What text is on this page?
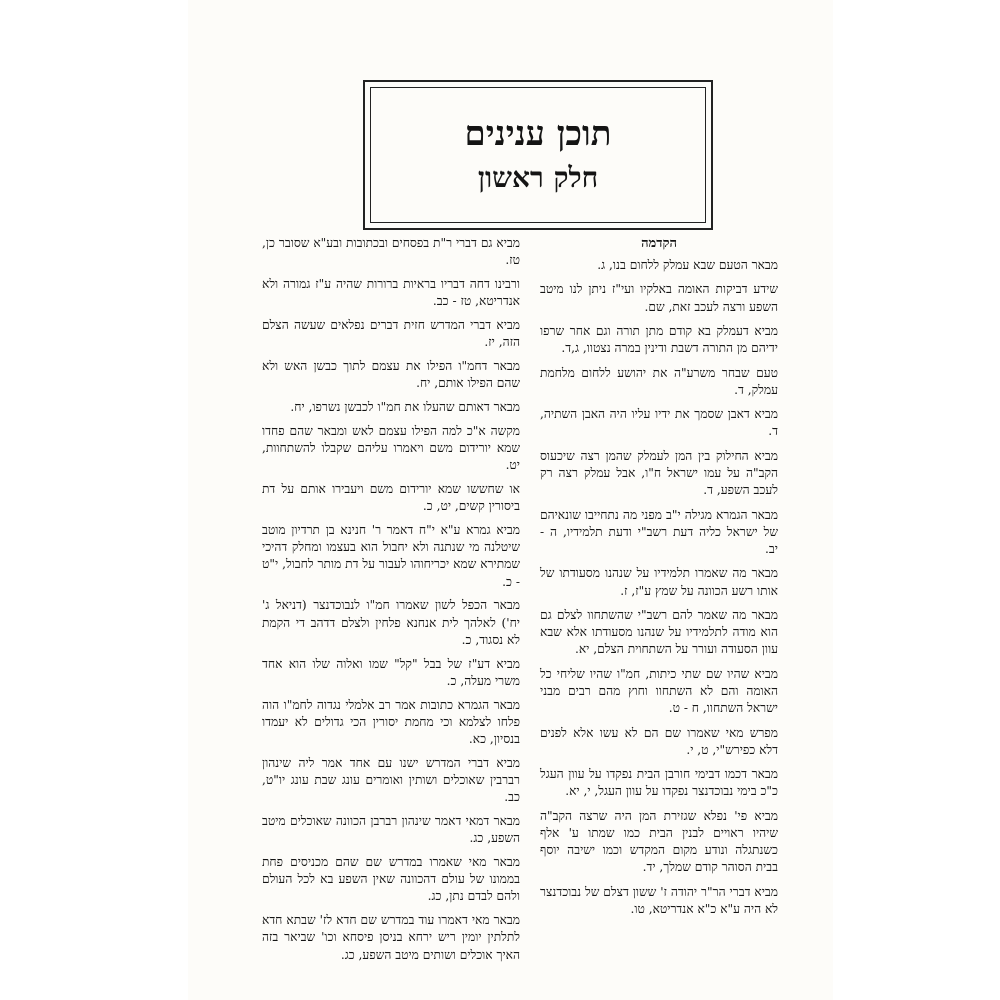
תוכן ענינים
חלק ראשון
הקדמה

מבאר הטעם שבא עמלק ללחום בנו, ג.

שידע דביקות האומה באלקיו ועי"ז ניתן לנו מיטב השפע ורצה לעכב זאת, שם.

מביא דעמלק בא קודם מתן תורה וגם אחר שרפו ידיהם מן התורה דשבת ודינין במרה נצטוו, ג,ד.

טעם שבחר משרע"ה את יהושע ללחום מלחמת עמלק, ד.

מביא דאבן שסמך את ידיו עליו היה האבן השתיה, ד.

מביא החילוק בין המן לעמלק שהמן רצה שיכעוס הקב"ה על עמו ישראל ח"ו, אבל עמלק רצה רק לעכב השפע, ד.

מבאר הגמרא מגילה י"ב מפני מה נתחייבו שונאיהם של ישראל כליה דעת רשב"י ודעת תלמידיו, ה - יב.

מבאר מה שאמרו תלמידיו על שנהנו מסעודתו של אותו רשע הכוונה על שמץ ע"ז, ז.

מבאר מה שאמר להם רשב"י שהשתחוו לצלם גם הוא מודה לתלמידיו על שנהנו מסעודתו אלא שבא עוון הסעודה ועורר על השתחוית הצלם, יא.

מביא שהיו שם שתי כיתות, חמ"ו שהיו שליחי כל האומה והם לא השתחוו וחוץ מהם רבים מבני ישראל השתחוו, ח - ט.

מפרש מאי שאמרו שם הם לא עשו אלא לפנים דלא כפירש"י, ט, י.

מבאר דכמו דבימי חורבן הבית נפקדו על עוון העגל כ"כ בימי נבוכדנצר נפקדו על עוון העגל, י, יא.

מביא פי' נפלא שגזירת המן היה שרצה הקב"ה שיהיו ראויים לבנין הבית כמו שמתו ע' אלף כשנתגלה ונודע מקום המקדש וכמו ישיבה יוסף בבית הסוהר קודם שמלך, יד.

מביא דברי הר"ר יהודה ז' ששון דצלם של נבוכדנצר לא היה ע"א כ"א אנדריטא, טו.

מביא גם דברי ר"ת בפסחים ובכתובות ובע"א שסובר כן, טז.

ורבינו דחה דבריו בראיות ברורות שהיה ע"ז גמורה ולא אנדריטא, טז - כב.

מביא דברי המדרש חזית דברים נפלאים שעשה הצלם הזה, יז.

מבאר דחמ"ו הפילו את עצמם לתוך כבשן האש ולא שהם הפילו אותם, יח.

מבאר דאותם שהעלו את חמ"ו לכבשן נשרפו, יח.

מקשה א"כ למה הפילו עצמם לאש ומבאר שהם פחדו שמא יורידום משם ויאמרו עליהם שקבלו להשתחוות, יט.

או שחששו שמא יורידום משם ויעבירו אותם על דת ביסורין קשים, יט, כ.

מביא גמרא ע"א י"ח דאמר ר' חנינא בן תרדיון מוטב שיטלנה מי שנתנה ולא יחבול הוא בעצמו ומחלק דהיכי שמתירא שמא יכריחוהו לעבור על דת מותר לחבול, י"ט - כ.

מבאר הכפל לשון שאמרו חמ"ו לנבוכדנצר (דניאל ג' יח') לאלהך לית אנחנא פלחין ולצלם דדהב די הקמת לא נסגוד, כ.

מביא דע"ז של בבל "קל" שמו ואלוה שלו הוא אחד משרי מעלה, כ.

מבאר הגמרא כתובות אמר רב אלמלי נגדוה לחמ"ו הוה פלחו לצלמא וכי מחמת יסורין הכי גדולים לא יעמדו בנסיון, כא.

מביא דברי המדרש ישנו עם אחד אמר ליה שינהון רברבין שאוכלים ושותין ואומרים עונג שבת עונג יו"ט, כב.

מבאר דמאי דאמר שינהון רברבן הכוונה שאוכלים מיטב השפע, כג.

מבאר מאי שאמרו במדרש שם שהם מכניסים פחת בממונו של עולם דהכוונה שאין השפע בא לכל העולם ולהם לבדם נתן, כג.

מבאר מאי דאמרו עוד במדרש שם חדא לז' שבתא חדא לתלתין יומין ריש ירחא בניסן פיסחא וכו' שביאר בזה האיך אוכלים ושותים מיטב השפע, כג.
